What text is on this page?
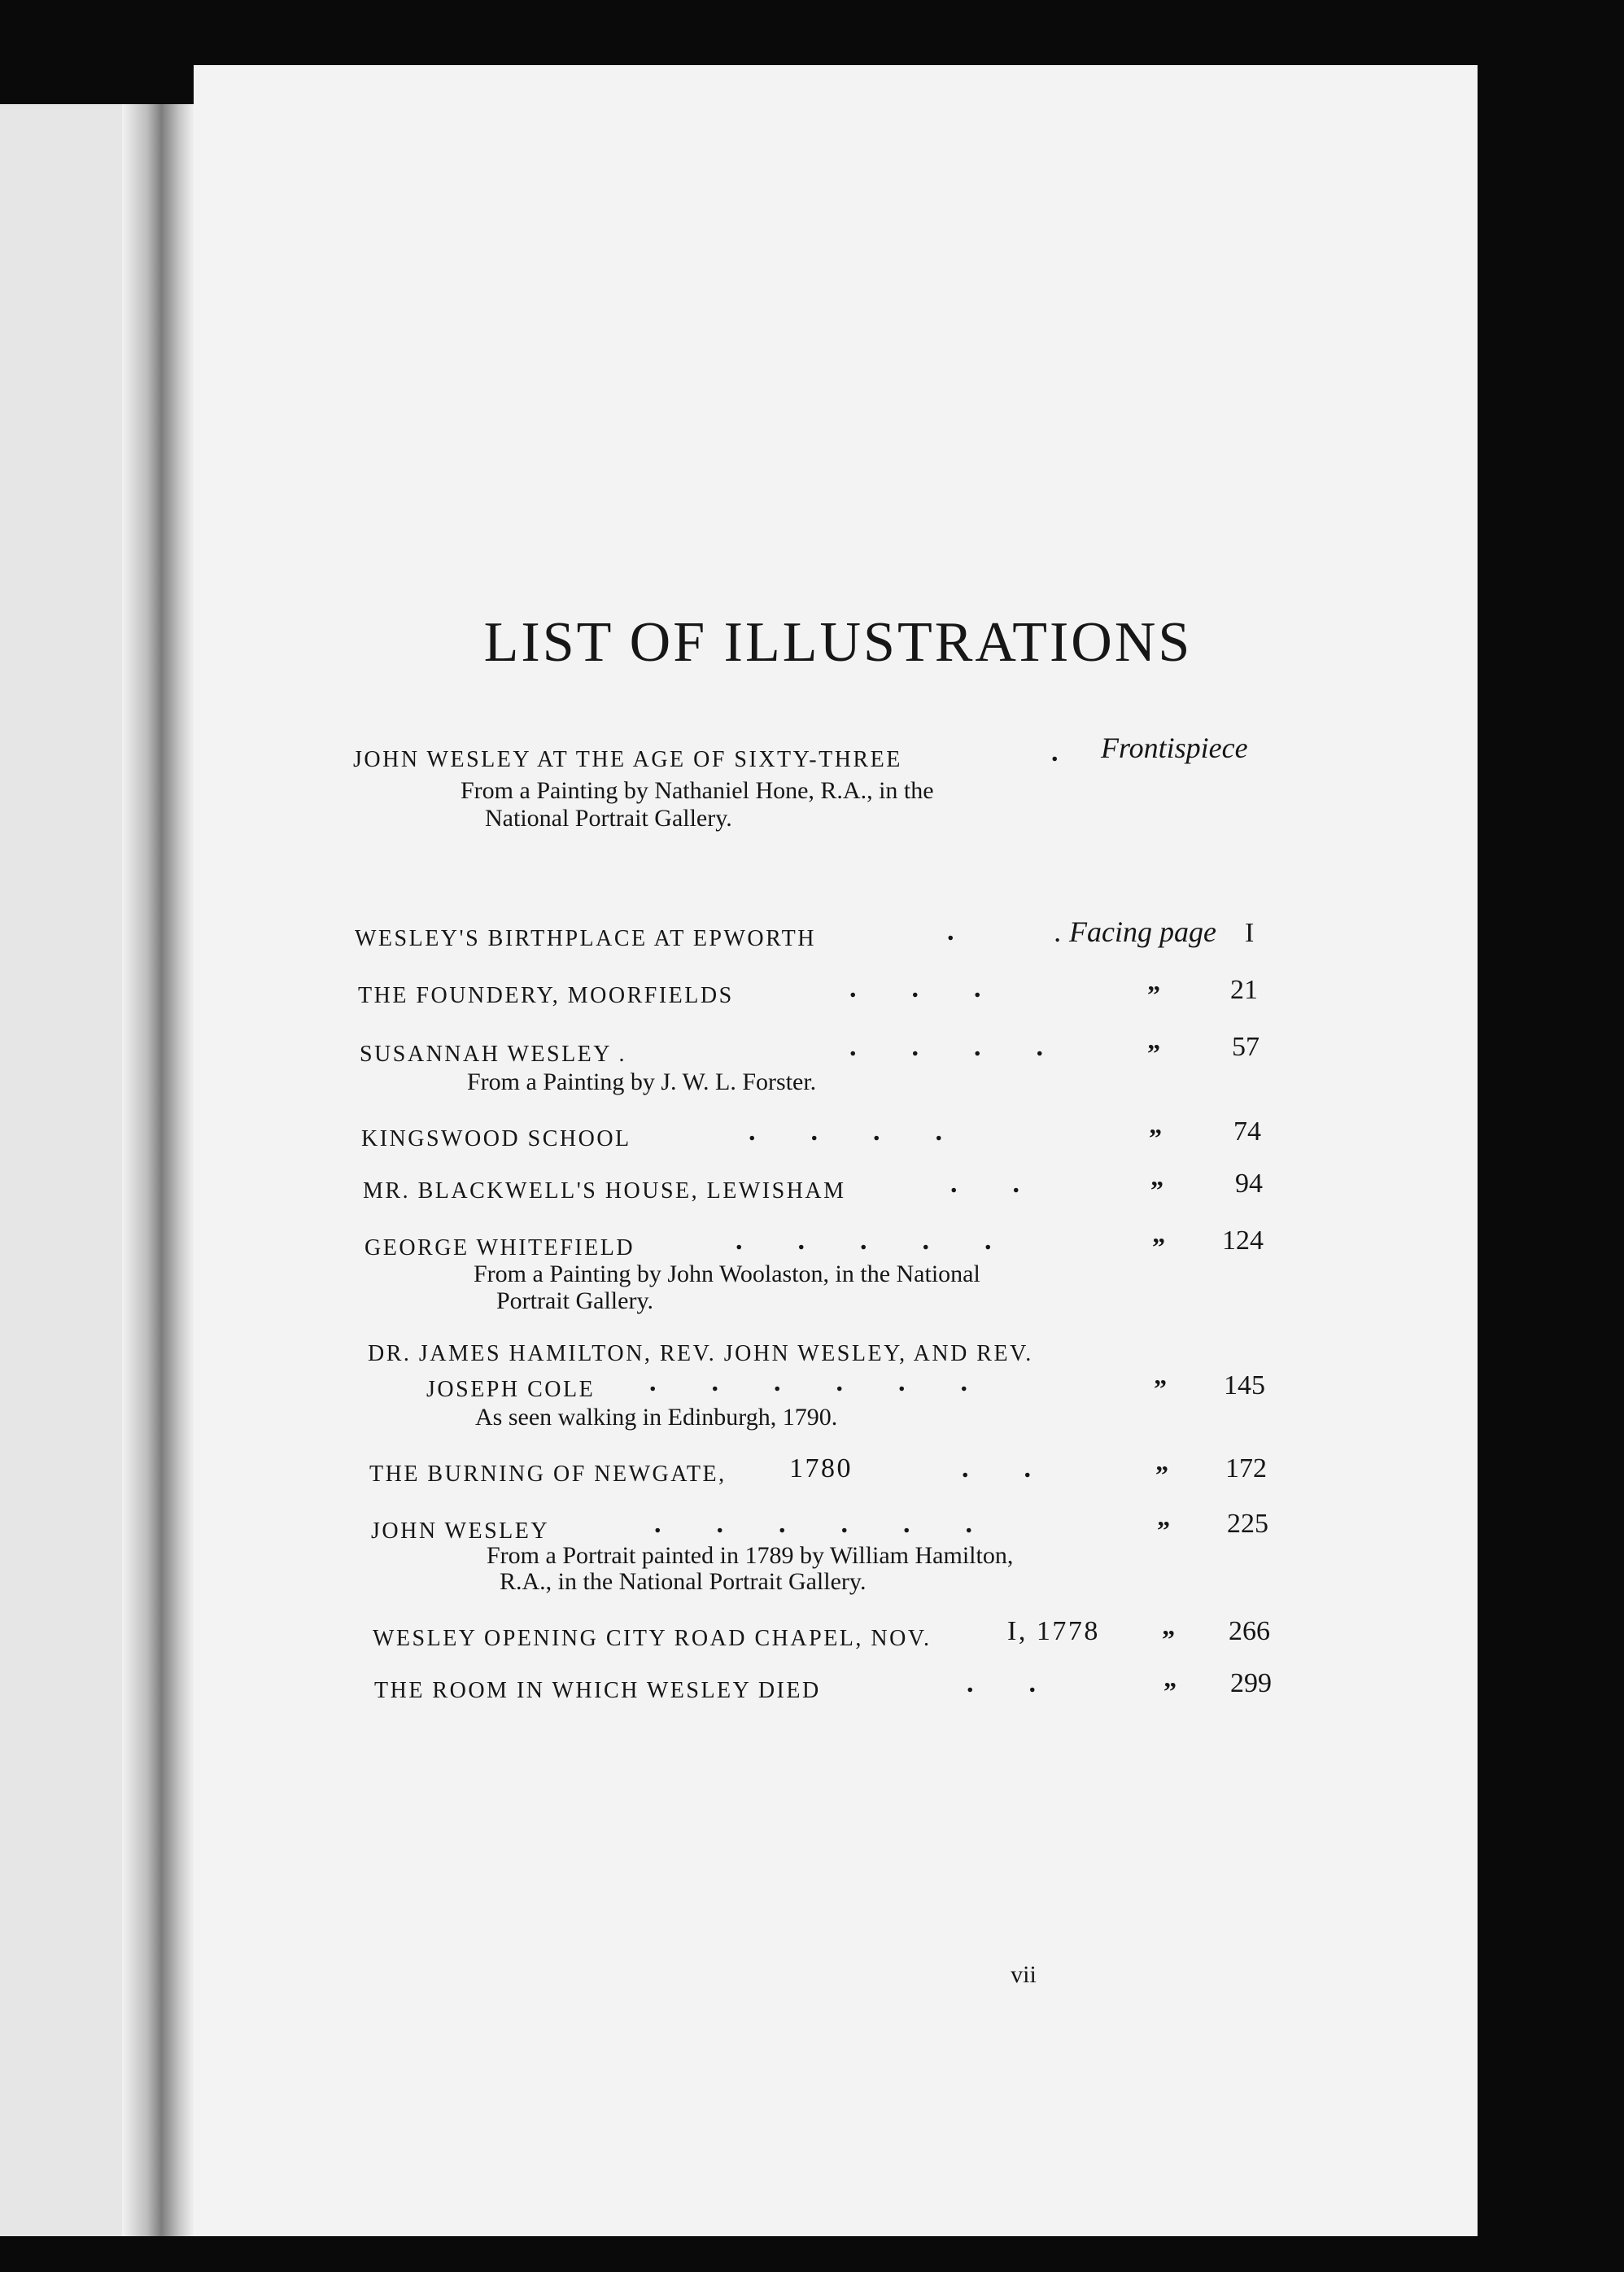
LIST OF ILLUSTRATIONS
JOHN WESLEY AT THE AGE OF SIXTY-THREE	. Frontispiece
From a Painting by Nathaniel Hone, R.A., in the
National Portrait Gallery.
WESLEY'S BIRTHPLACE AT EPWORTH	.	. Facing page I
THE FOUNDERY, MOORFIELDS	.        .        .	”	21
SUSANNAH WESLEY .	.        .        .        .	”	57
From a Painting by J. W. L. Forster.
KINGSWOOD SCHOOL	.        .        .        .	”	74
MR. BLACKWELL'S HOUSE, LEWISHAM	.        .	”	94
GEORGE WHITEFIELD	.        .        .        .        .	” 124
From a Painting by John Woolaston, in the National
Portrait Gallery.
DR. JAMES HAMILTON, REV. JOHN WESLEY, AND REV.
JOSEPH COLE .        .        .        .        .        .	” 145
As seen walking in Edinburgh, 1790.
THE BURNING OF NEWGATE, 1780	.        .	” 172
JOHN WESLEY	.        .        .        .        .        .	” 225
From a Portrait painted in 1789 by William Hamilton,
R.A., in the National Portrait Gallery.
WESLEY OPENING CITY ROAD CHAPEL, NOV.	I, 1778 ” 266
THE ROOM IN WHICH WESLEY DIED	.        .	” 299
vii
